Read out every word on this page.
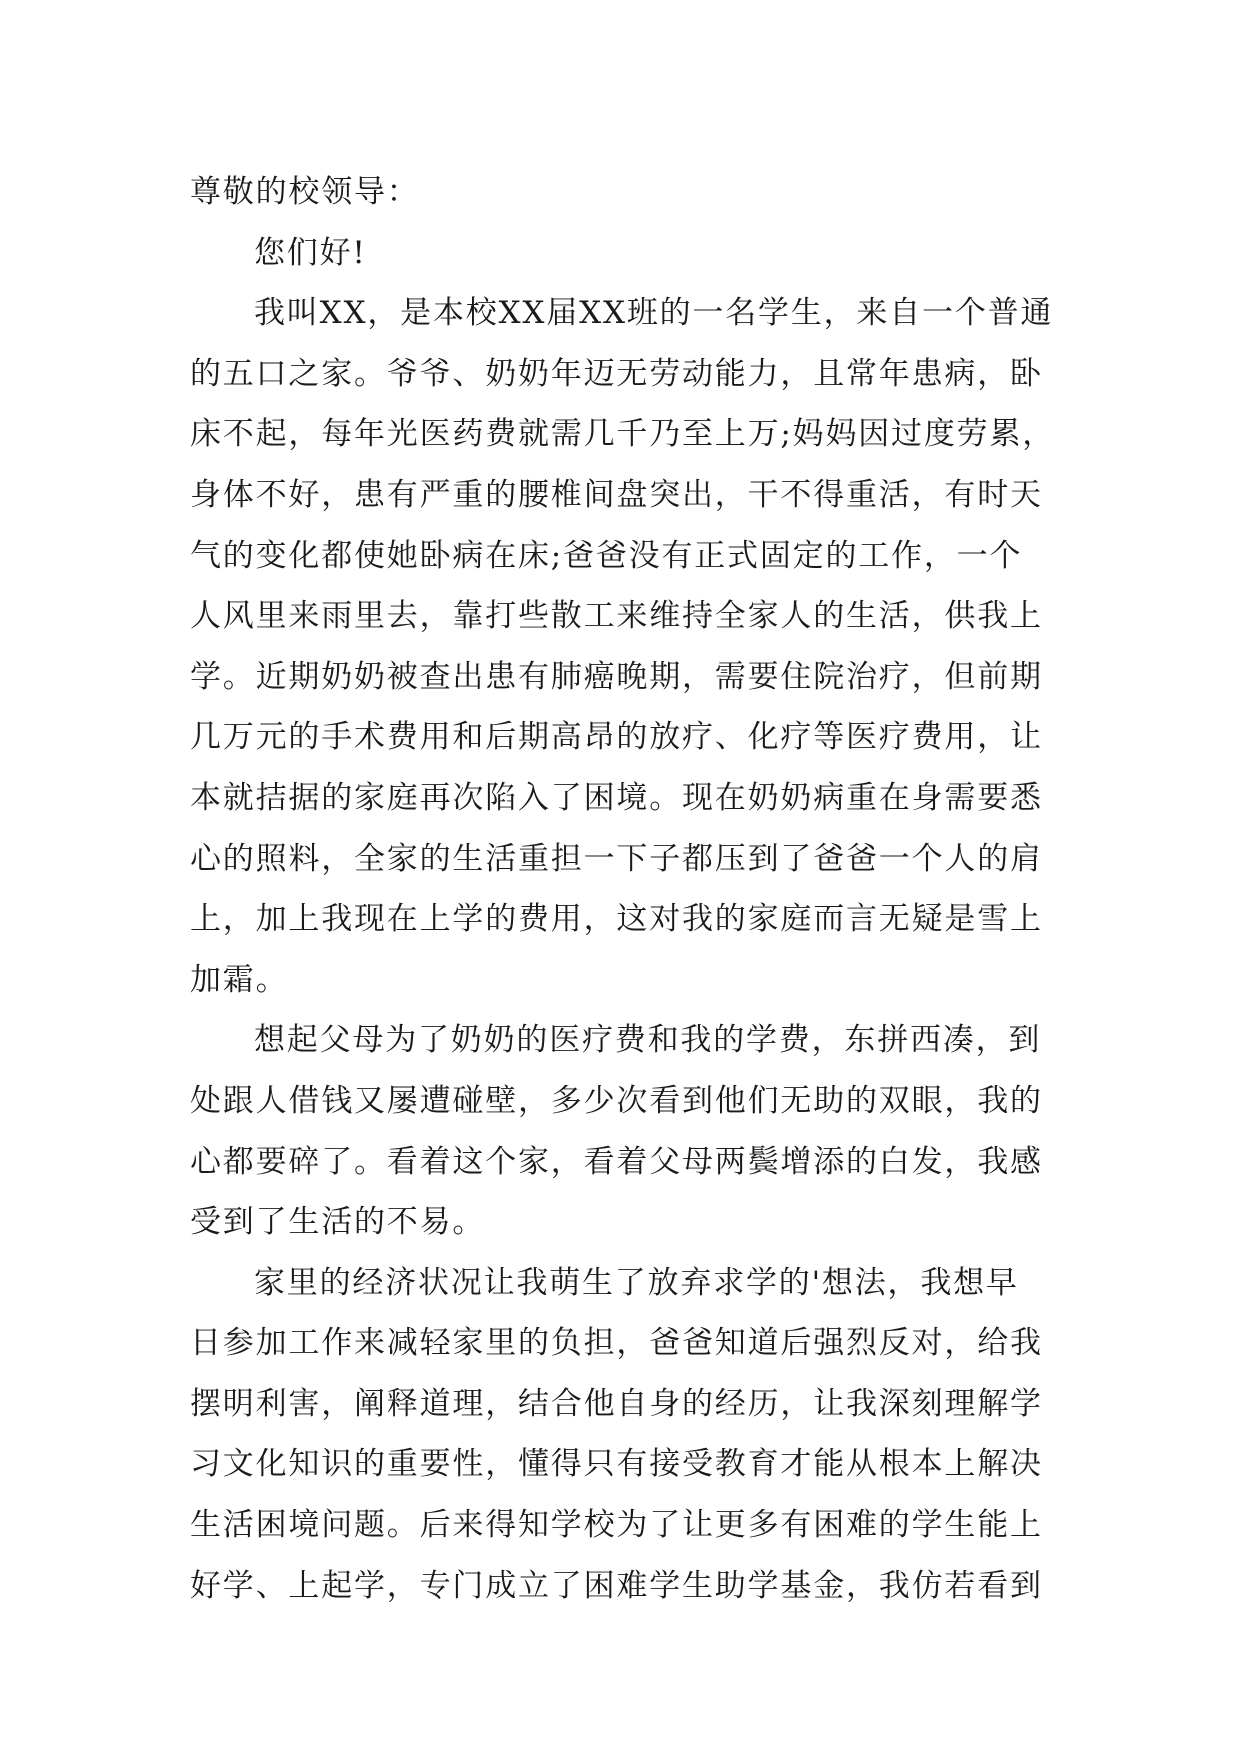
尊敬的校领导：
您们好!
我叫XX，是本校XX届XX班的一名学生，来自一个普通
的五口之家。爷爷、奶奶年迈无劳动能力，且常年患病，卧
床不起，每年光医药费就需几千乃至上万;妈妈因过度劳累，
身体不好，患有严重的腰椎间盘突出，干不得重活，有时天
气的变化都使她卧病在床;爸爸没有正式固定的工作，一个
人风里来雨里去，靠打些散工来维持全家人的生活，供我上
学。近期奶奶被查出患有肺癌晚期，需要住院治疗，但前期
几万元的手术费用和后期高昂的放疗、化疗等医疗费用，让
本就拮据的家庭再次陷入了困境。现在奶奶病重在身需要悉
心的照料，全家的生活重担一下子都压到了爸爸一个人的肩
上，加上我现在上学的费用，这对我的家庭而言无疑是雪上
加霜。
想起父母为了奶奶的医疗费和我的学费，东拼西凑，到
处跟人借钱又屡遭碰壁，多少次看到他们无助的双眼，我的
心都要碎了。看着这个家，看着父母两鬓增添的白发，我感
受到了生活的不易。
家里的经济状况让我萌生了放弃求学的'想法，我想早
日参加工作来减轻家里的负担，爸爸知道后强烈反对，给我
摆明利害，阐释道理，结合他自身的经历，让我深刻理解学
习文化知识的重要性，懂得只有接受教育才能从根本上解决
生活困境问题。后来得知学校为了让更多有困难的学生能上
好学、上起学，专门成立了困难学生助学基金，我仿若看到
